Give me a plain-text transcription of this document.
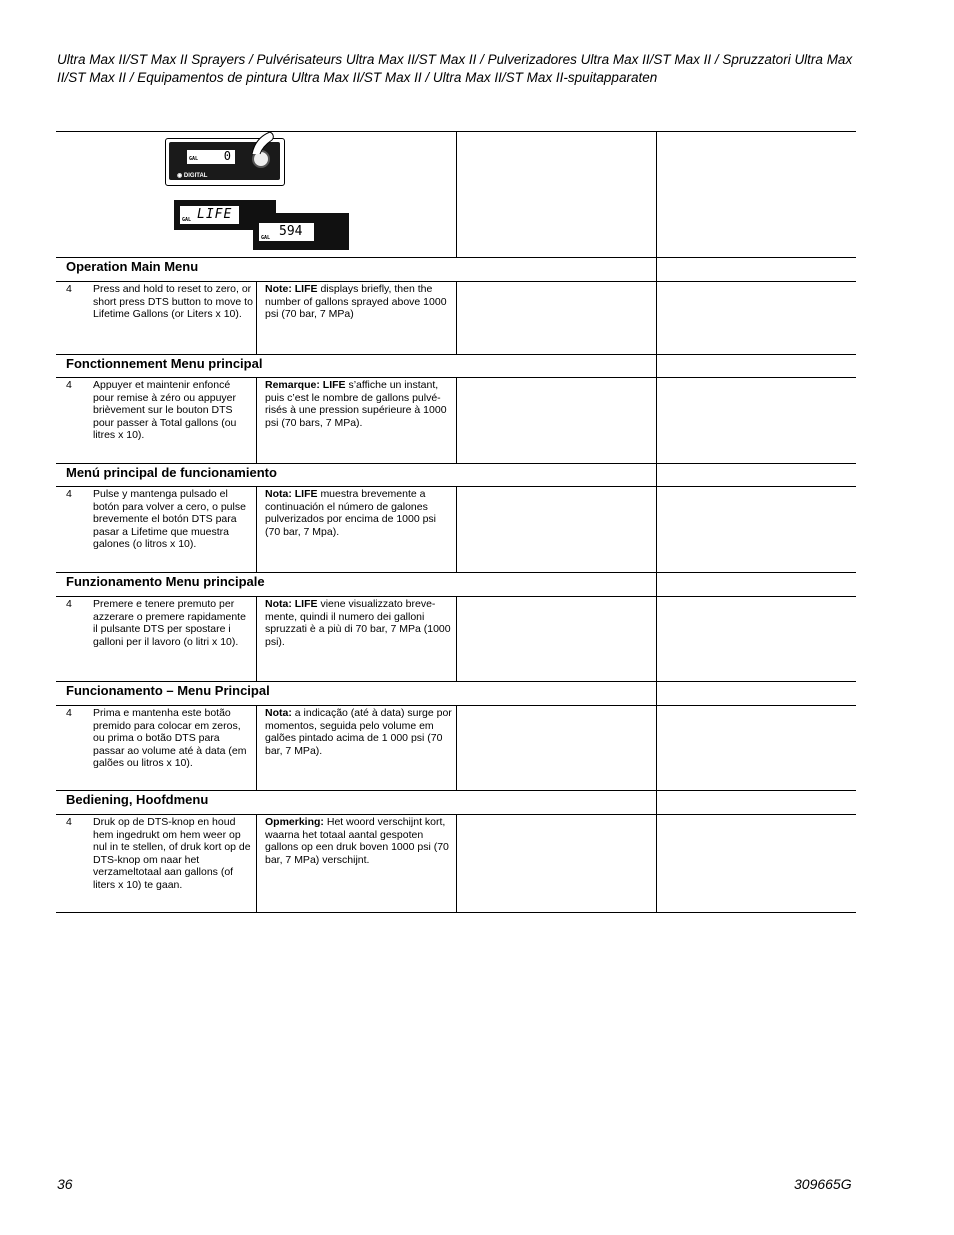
Ultra Max II/ST Max II Sprayers / Pulvérisateurs Ultra Max II/ST Max II / Pulverizadores Ultra Max II/ST Max II / Spruzzatori Ultra Max II/ST Max II / Equipamentos de pintura Ultra Max II/ST Max II / Ultra Max II/ST Max II-spuitapparaten
GAL 0
◉ DIGITAL
GAL LIFE
GAL 594
Operation Main Menu
4 Press and hold to reset to zero, or short press DTS button to move to Lifetime Gallons (or Liters x 10).
Note: LIFE displays briefly, then the number of gallons sprayed above 1000 psi (70 bar, 7 MPa)
Fonctionnement Menu principal
4 Appuyer et maintenir enfoncé pour remise à zéro ou appuyer brièvement sur le bouton DTS pour passer à Total gallons (ou litres x 10).
Remarque: LIFE s’affiche un instant, puis c’est le nombre de gallons pulvé-risés à une pression supérieure à 1000 psi (70 bars, 7 MPa).
Menú principal de funcionamiento
4 Pulse y mantenga pulsado el botón para volver a cero, o pulse brevemente el botón DTS para pasar a Lifetime que muestra galones (o litros x 10).
Nota: LIFE muestra brevemente a continuación el número de galones pulverizados por encima de 1000 psi (70 bar, 7 Mpa).
Funzionamento Menu principale
4 Premere e tenere premuto per azzerare o premere rapidamente il pulsante DTS per spostare i galloni per il lavoro (o litri x 10).
Nota: LIFE viene visualizzato breve-mente, quindi il numero dei galloni spruzzati è a più di 70 bar, 7 MPa (1000 psi).
Funcionamento – Menu Principal
4 Prima e mantenha este botão premido para colocar em zeros, ou prima o botão DTS para passar ao volume até à data (em galões ou litros x 10).
Nota: a indicação (até à data) surge por momentos, seguida pelo volume em galões pintado acima de 1 000 psi (70 bar, 7 MPa).
Bediening, Hoofdmenu
4 Druk op de DTS-knop en houd hem ingedrukt om hem weer op nul in te stellen, of druk kort op de DTS-knop om naar het verzameltotaal aan gallons (of liters x 10) te gaan.
Opmerking: Het woord verschijnt kort, waarna het totaal aantal gespoten gallons op een druk boven 1000 psi (70 bar, 7 MPa) verschijnt.
36	309665G
